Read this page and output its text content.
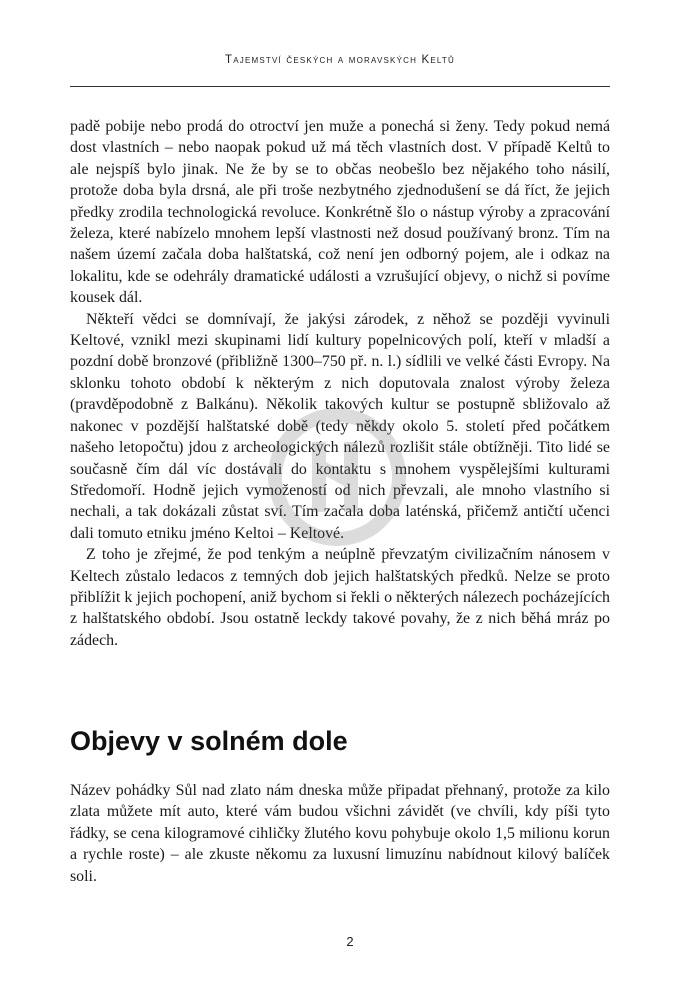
Tajemství českých a moravských Keltů

padě pobije nebo prodá do otroctví jen muže a ponechá si ženy. Tedy pokud nemá dost vlastních – nebo naopak pokud už má těch vlastních dost. V případě Keltů to ale nejspíš bylo jinak. Ne že by se to občas neobešlo bez nějakého toho násilí, protože doba byla drsná, ale při troše nezbytného zjednodušení se dá říct, že jejich předky zrodila technologická revoluce. Konkrétně šlo o nástup výroby a zpracování železa, které nabízelo mnohem lepší vlastnosti než dosud používaný bronz. Tím na našem území začala doba halštatská, což není jen odborný pojem, ale i odkaz na lokalitu, kde se odehrály dramatické události a vzrušující objevy, o nichž si povíme kousek dál.

Někteří vědci se domnívají, že jakýsi zárodek, z něhož se později vyvinuli Keltové, vznikl mezi skupinami lidí kultury popelnicových polí, kteří v mladší a pozdní době bronzové (přibližně 1300–750 př. n. l.) sídlili ve velké části Evropy. Na sklonku tohoto období k některým z nich doputovala znalost výroby železa (pravděpodobně z Balkánu). Několik takových kultur se postupně sbližovalo až nakonec v pozdější halštatské době (tedy někdy okolo 5. století před počátkem našeho letopočtu) jdou z archeologických nálezů rozlišit stále obtížněji. Tito lidé se současně čím dál víc dostávali do kontaktu s mnohem vyspělejšími kulturami Středomoří. Hodně jejich vymožeností od nich převzali, ale mnoho vlastního si nechali, a tak dokázali zůstat sví. Tím začala doba laténská, přičemž antičtí učenci dali tomuto etniku jméno Keltoi – Keltové.

Z toho je zřejmé, že pod tenkým a neúplně převzatým civilizačním nánosem v Keltech zůstalo ledacos z temných dob jejich halštatských předků. Nelze se proto přiblížit k jejich pochopení, aniž bychom si řekli o některých nálezech pocházejících z halštatského období. Jsou ostatně leckdy takové povahy, že z nich běhá mráz po zádech.

Objevy v solném dole

Název pohádky Sůl nad zlato nám dneska může připadat přehnaný, protože za kilo zlata můžete mít auto, které vám budou všichni závidět (ve chvíli, kdy píši tyto řádky, se cena kilogramové cihličky žlutého kovu pohybuje okolo 1,5 milionu korun a rychle roste) – ale zkuste někomu za luxusní limuzínu nabídnout kilový balíček soli.

2
